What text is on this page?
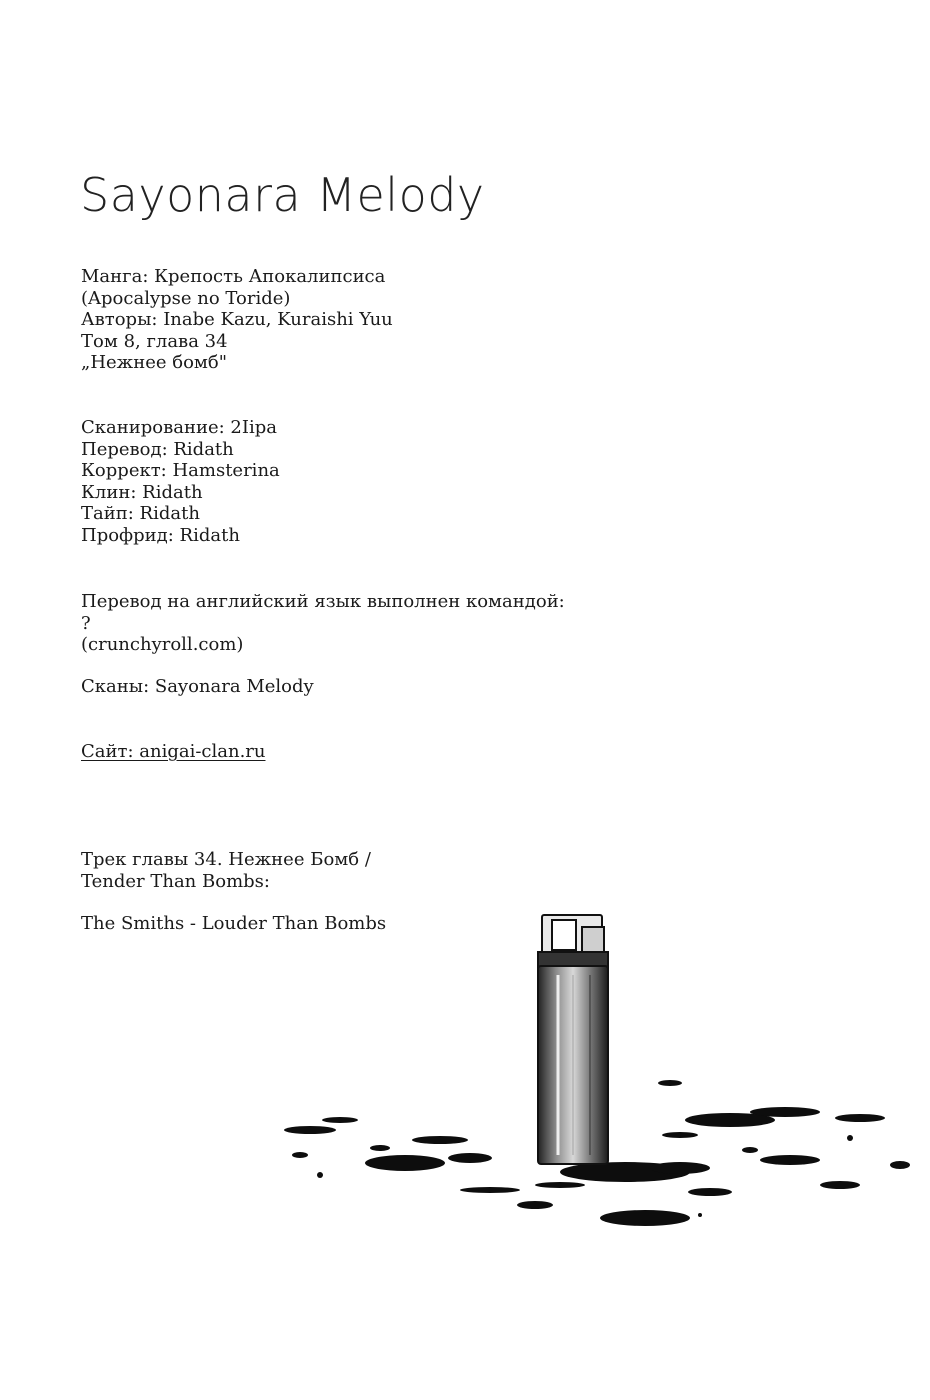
Sayonara Melody
Манга: Крепость Апокалипсиса
(Apocalypse no Toride)
Авторы: Inabe Kazu, Kuraishi Yuu
Том 8, глава 34
„Нежнее бомб"
Сканирование: 2Iipa
Перевод: Ridath
Коррект: Hamsterina
Клин: Ridath
Тайп: Ridath
Профрид: Ridath
Перевод на английский язык выполнен командой:
?
(crunchyroll.com)
Сканы: Sayonara Melody
Сайт: anigai-clan.ru
Трек главы 34. Нежнее Бомб /
Tender Than Bombs:
The Smiths - Louder Than Bombs
